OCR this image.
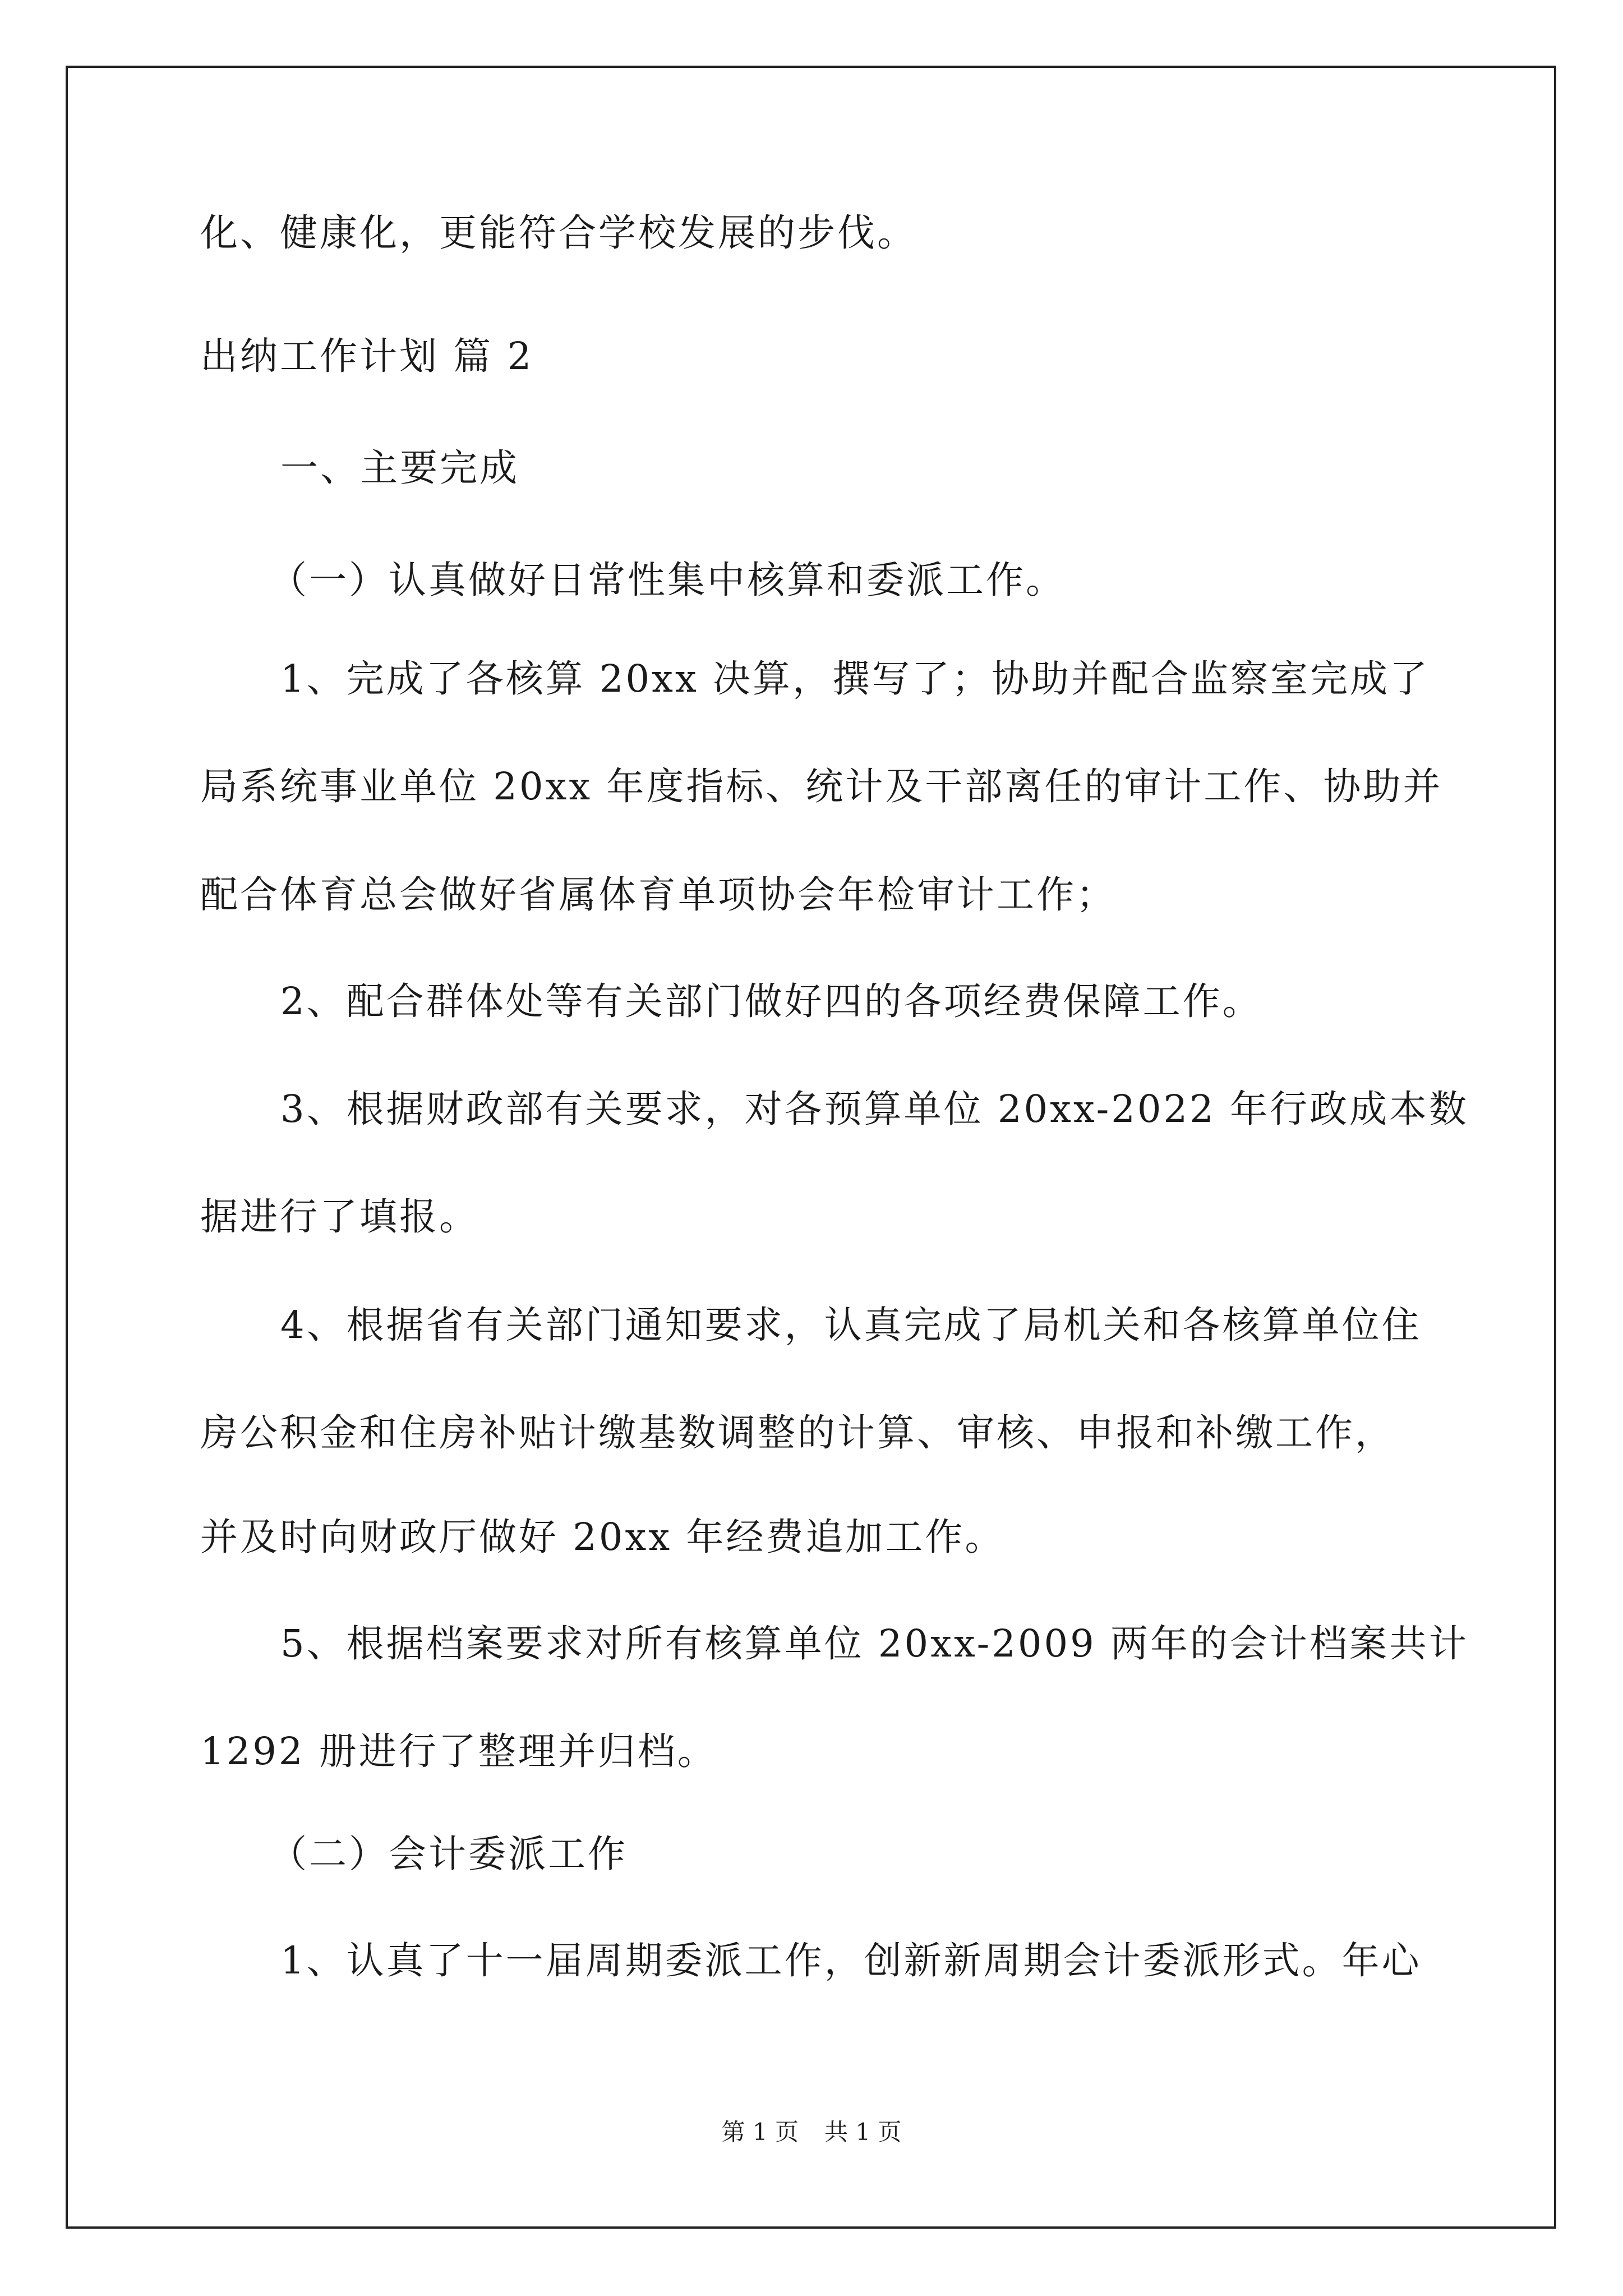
化、健康化，更能符合学校发展的步伐。
出纳工作计划 篇 2
一、主要完成
（一）认真做好日常性集中核算和委派工作。
1、完成了各核算 20xx 决算，撰写了；协助并配合监察室完成了
局系统事业单位 20xx 年度指标、统计及干部离任的审计工作、协助并
配合体育总会做好省属体育单项协会年检审计工作；
2、配合群体处等有关部门做好四的各项经费保障工作。
3、根据财政部有关要求，对各预算单位 20xx-2022 年行政成本数
据进行了填报。
4、根据省有关部门通知要求，认真完成了局机关和各核算单位住
房公积金和住房补贴计缴基数调整的计算、审核、申报和补缴工作，
并及时向财政厅做好 20xx 年经费追加工作。
5、根据档案要求对所有核算单位 20xx-2009 两年的会计档案共计
1292 册进行了整理并归档。
（二）会计委派工作
1、认真了十一届周期委派工作，创新新周期会计委派形式。年心
第 1 页 共 1 页
